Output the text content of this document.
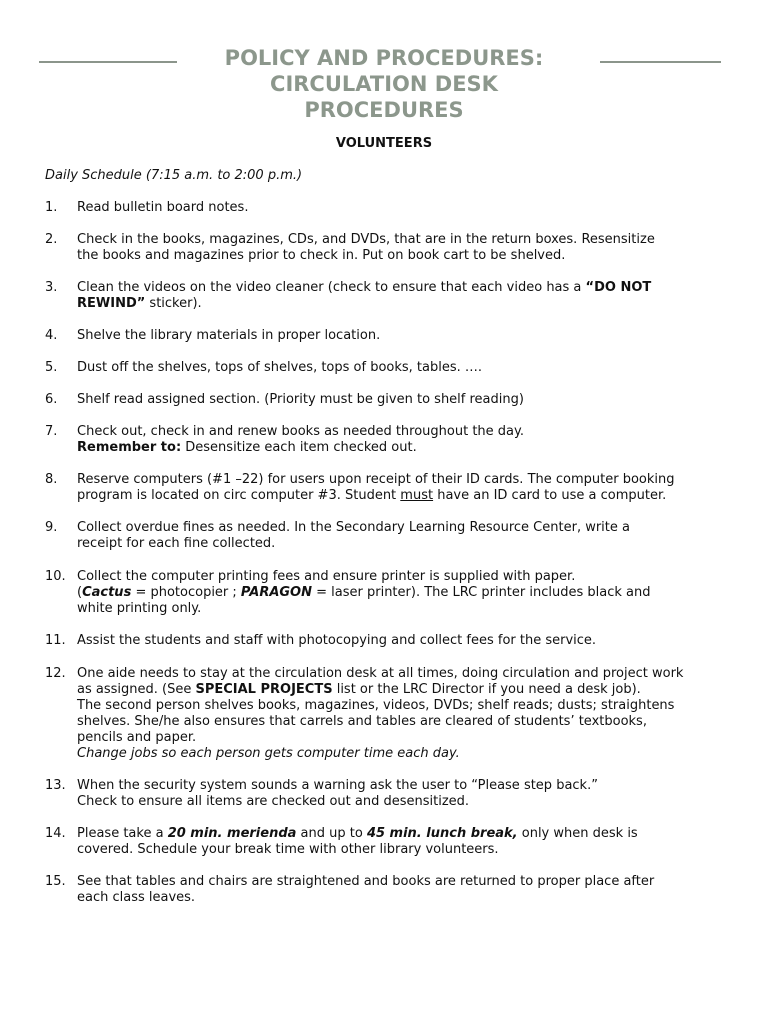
POLICY AND PROCEDURES:
CIRCULATION DESK
PROCEDURES
VOLUNTEERS
Daily Schedule (7:15 a.m. to 2:00 p.m.)
1.	Read bulletin board notes.
2.	Check in the books, magazines, CDs, and DVDs, that are in the return boxes. Resensitize
the books and magazines prior to check in. Put on book cart to be shelved.
3.	Clean the videos on the video cleaner (check to ensure that each video has a “DO NOT
REWIND” sticker).
4.	Shelve the library materials in proper location.
5.	Dust off the shelves, tops of shelves, tops of books, tables. ….
6.	Shelf read assigned section. (Priority must be given to shelf reading)
7.	Check out, check in and renew books as needed throughout the day.
Remember to: Desensitize each item checked out.
8.	Reserve computers (#1 –22) for users upon receipt of their ID cards. The computer booking
program is located on circ computer #3. Student must have an ID card to use a computer.
9.	Collect overdue fines as needed. In the Secondary Learning Resource Center, write a
receipt for each fine collected.
10. Collect the computer printing fees and ensure printer is supplied with paper.
(Cactus = photocopier ; PARAGON = laser printer). The LRC printer includes black and
white printing only.
11. Assist the students and staff with photocopying and collect fees for the service.
12. One aide needs to stay at the circulation desk at all times, doing circulation and project work
as assigned. (See SPECIAL PROJECTS list or the LRC Director if you need a desk job).
The second person shelves books, magazines, videos, DVDs; shelf reads; dusts; straightens
shelves. She/he also ensures that carrels and tables are cleared of students’ textbooks,
pencils and paper.
Change jobs so each person gets computer time each day.
13. When the security system sounds a warning ask the user to “Please step back.”
Check to ensure all items are checked out and desensitized.
14. Please take a 20 min. merienda and up to 45 min. lunch break, only when desk is
covered. Schedule your break time with other library volunteers.
15. See that tables and chairs are straightened and books are returned to proper place after
each class leaves.
